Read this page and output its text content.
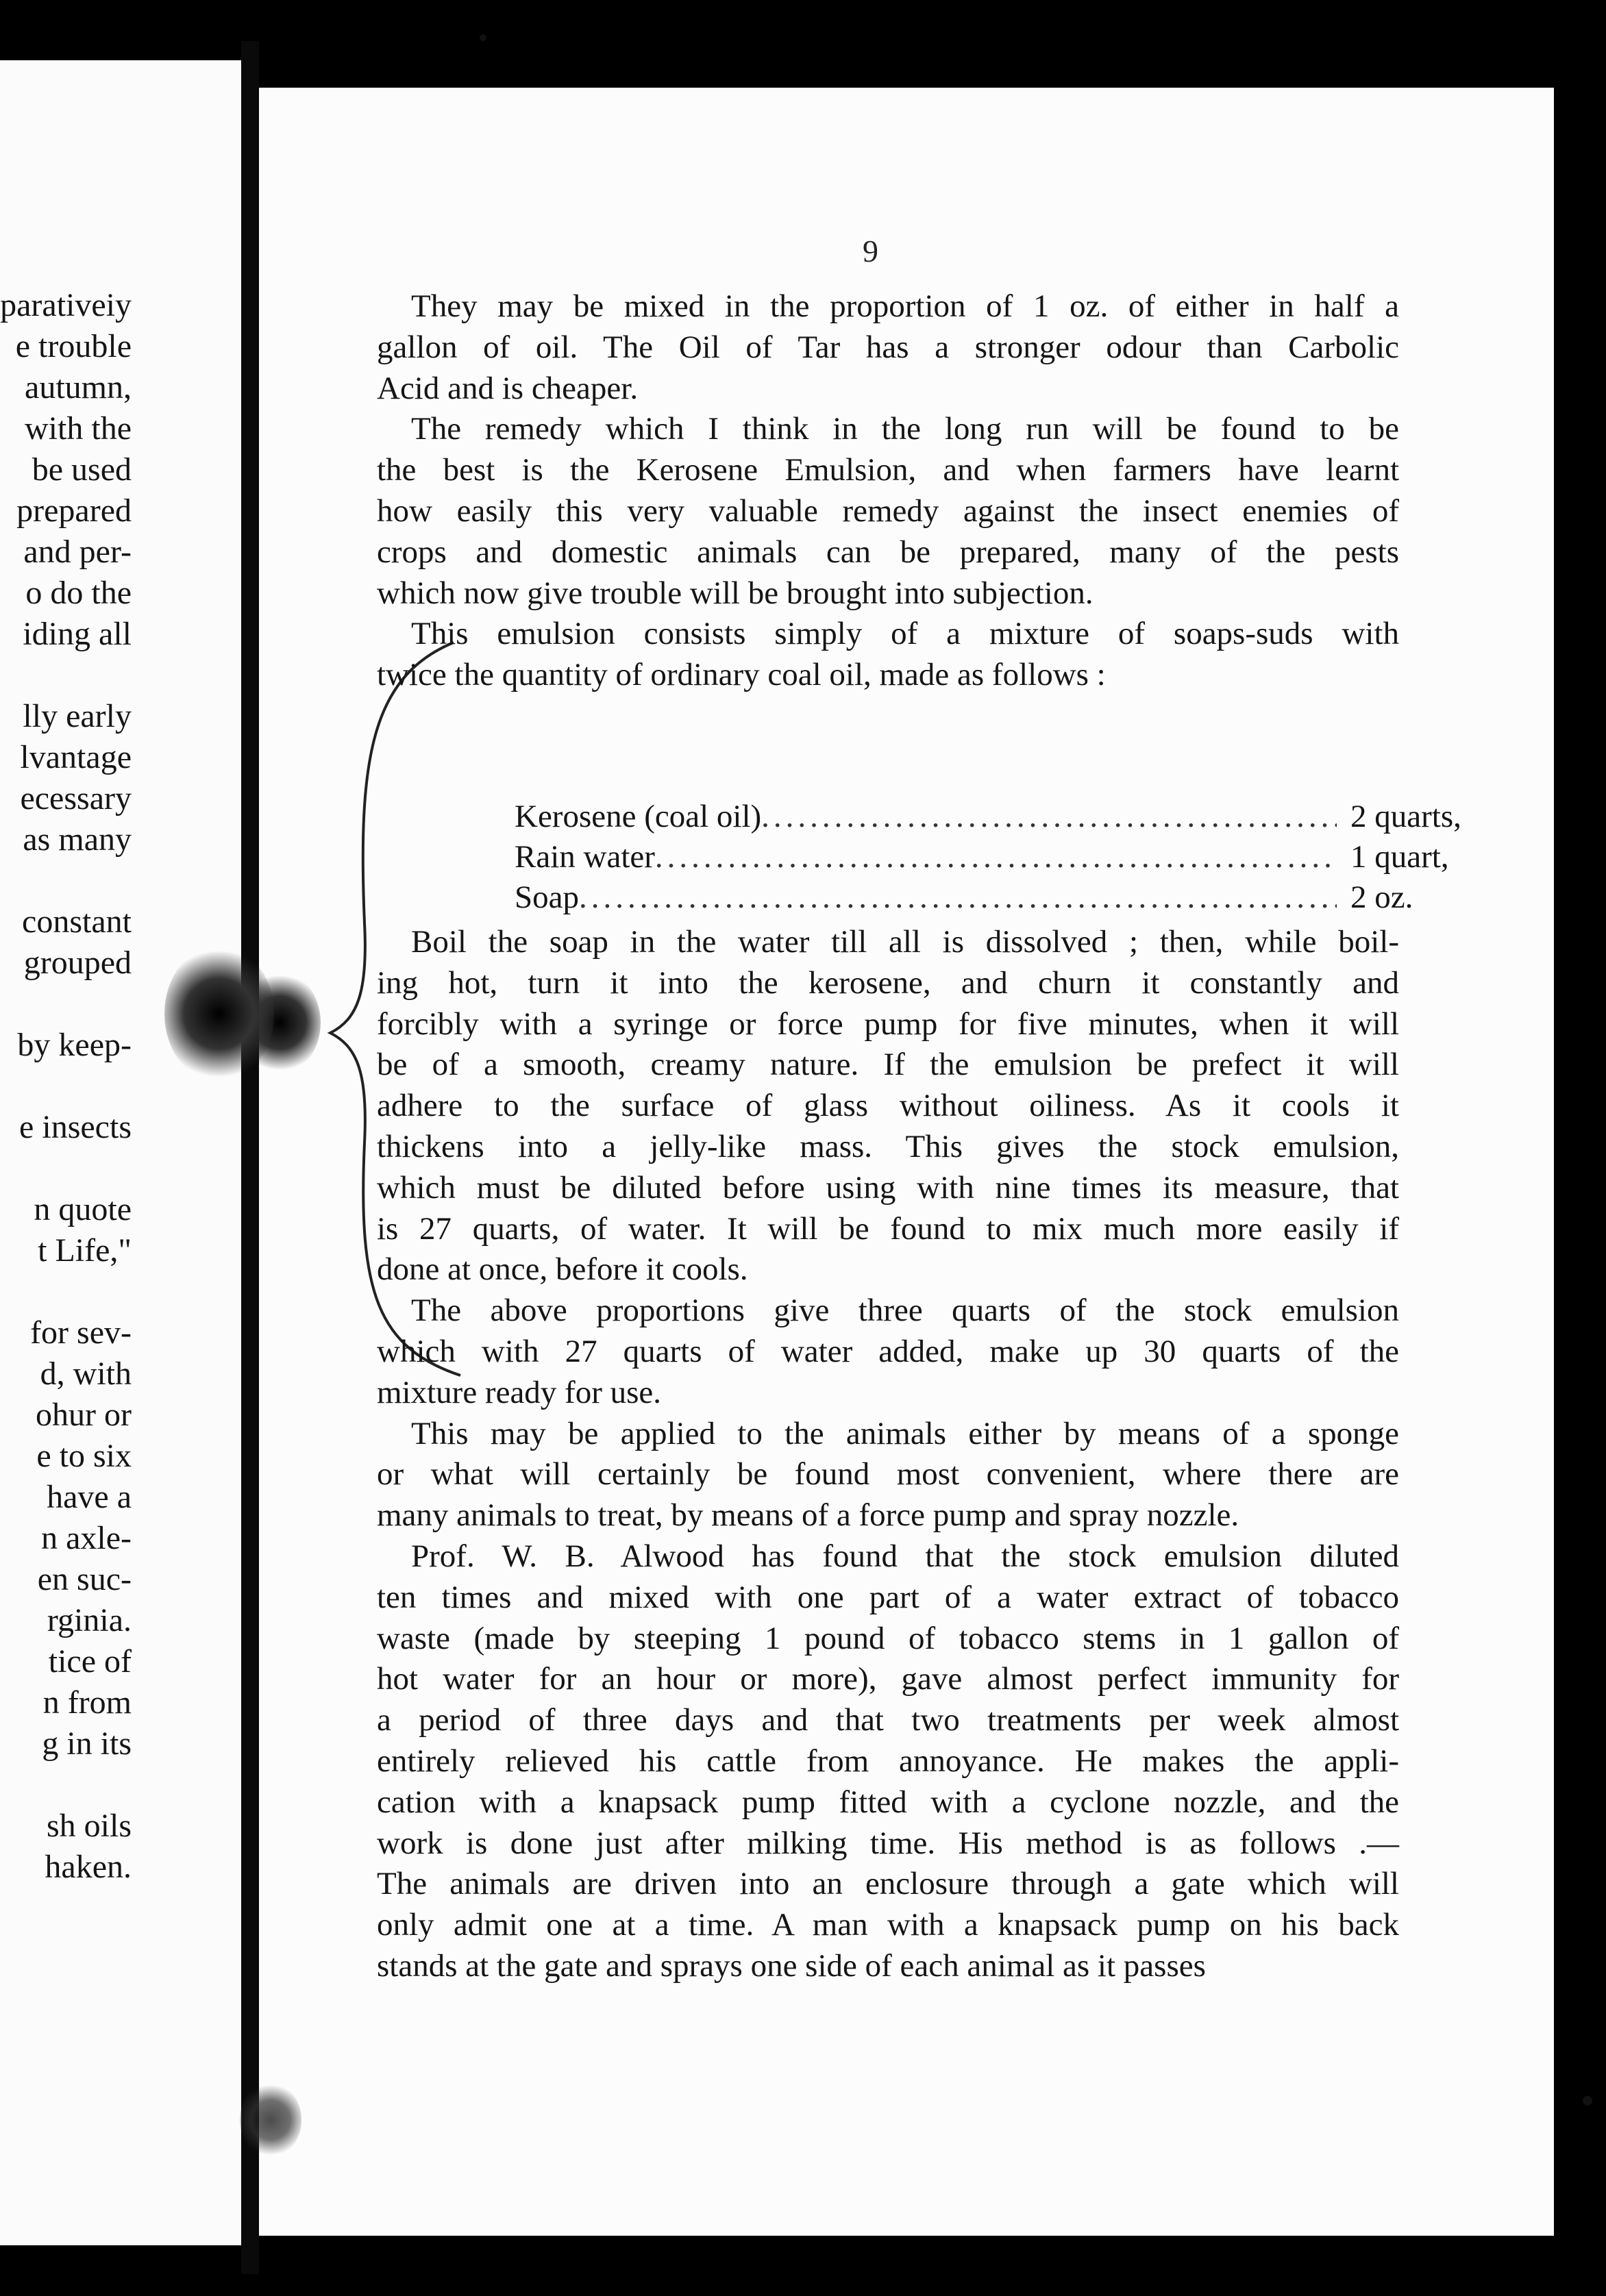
parativeiy
e trouble
autumn,
with the
be used
prepared
and per-
o do the
iding all
lly early
lvantage
ecessary
as many
constant
grouped
by keep-
e insects
n quote
t Life,"
for sev-
d, with
ohur or
e to six
have a
n axle-
en suc-
rginia.
tice of
n from
g in its
sh oils
haken.
9
They may be mixed in the proportion of 1 oz. of either in half a
gallon of oil. The Oil of Tar has a stronger odour than Carbolic
Acid and is cheaper.
The remedy which I think in the long run will be found to be
the best is the Kerosene Emulsion, and when farmers have learnt
how easily this very valuable remedy against the insect enemies of
crops and domestic animals can be prepared, many of the pests
which now give trouble will be brought into subjection.
This emulsion consists simply of a mixture of soaps-suds with
twice the quantity of ordinary coal oil, made as follows :
Kerosene (coal oil) .....	2 quarts,
Rain water .....	1 quart,
Soap .....	2 oz.
Boil the soap in the water till all is dissolved ; then, while boil-
ing hot, turn it into the kerosene, and churn it constantly and
forcibly with a syringe or force pump for five minutes, when it will
be of a smooth, creamy nature. If the emulsion be prefect it will
adhere to the surface of glass without oiliness. As it cools it
thickens into a jelly-like mass. This gives the stock emulsion,
which must be diluted before using with nine times its measure, that
is 27 quarts, of water. It will be found to mix much more easily if
done at once, before it cools.
The above proportions give three quarts of the stock emulsion
which with 27 quarts of water added, make up 30 quarts of the
mixture ready for use.
This may be applied to the animals either by means of a sponge
or what will certainly be found most convenient, where there are
many animals to treat, by means of a force pump and spray nozzle.
Prof. W. B. Alwood has found that the stock emulsion diluted
ten times and mixed with one part of a water extract of tobacco
waste (made by steeping 1 pound of tobacco stems in 1 gallon of
hot water for an hour or more), gave almost perfect immunity for
a period of three days and that two treatments per week almost
entirely relieved his cattle from annoyance. He makes the appli-
cation with a knapsack pump fitted with a cyclone nozzle, and the
work is done just after milking time. His method is as follows .—
The animals are driven into an enclosure through a gate which will
only admit one at a time. A man with a knapsack pump on his back
stands at the gate and sprays one side of each animal as it passes
